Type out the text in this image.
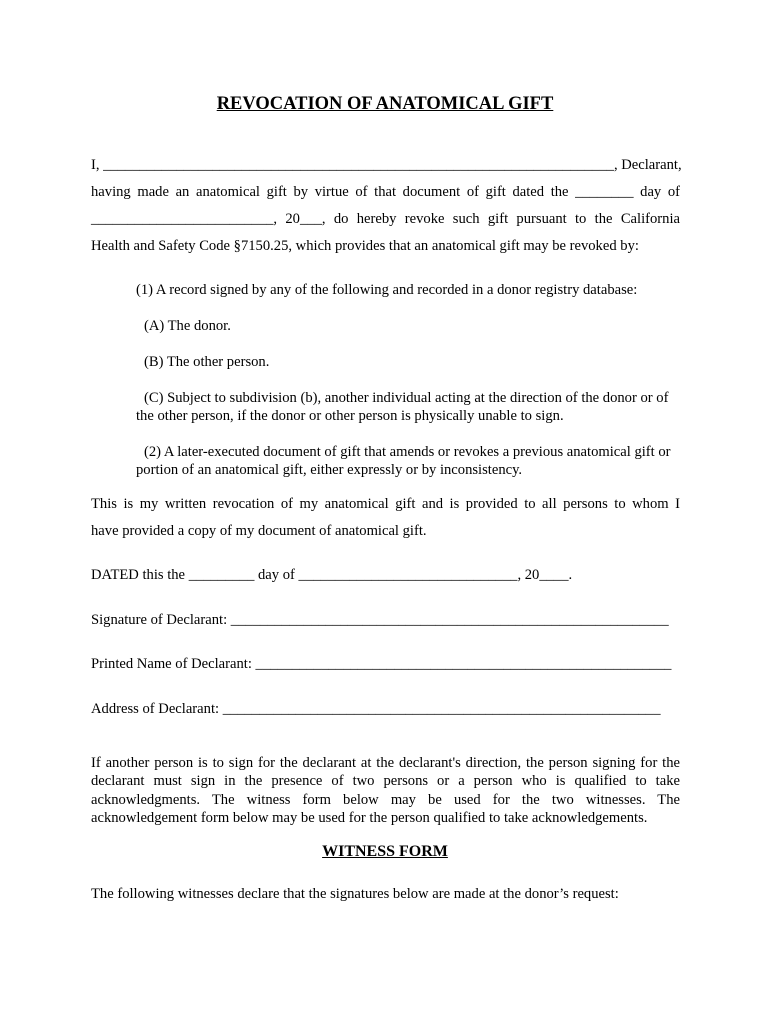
REVOCATION OF ANATOMICAL GIFT

I, ______________________________________________________________________, Declarant,

having made an anatomical gift by virtue of that document of gift dated the ________ day of

_________________________, 20___, do hereby revoke such gift pursuant to the California

Health and Safety Code §7150.25, which provides that an anatomical gift may be revoked by:

(1) A record signed by any of the following and recorded in a donor registry database:

(A) The donor.

(B) The other person.

(C) Subject to subdivision (b), another individual acting at the direction of the donor or of the other person, if the donor or other person is physically unable to sign.

(2) A later-executed document of gift that amends or revokes a previous anatomical gift or portion of an anatomical gift, either expressly or by inconsistency.

This is my written revocation of my anatomical gift and is provided to all persons to whom I

have provided a copy of my document of anatomical gift.

DATED this the _________ day of ______________________________, 20____.

Signature of Declarant: ____________________________________________________________

Printed Name of Declarant: _________________________________________________________

Address of Declarant: ____________________________________________________________

If another person is to sign for the declarant at the declarant's direction, the person signing for the declarant must sign in the presence of two persons or a person who is qualified to take acknowledgments. The witness form below may be used for the two witnesses. The acknowledgement form below may be used for the person qualified to take acknowledgements.

WITNESS FORM

The following witnesses declare that the signatures below are made at the donor’s request:
